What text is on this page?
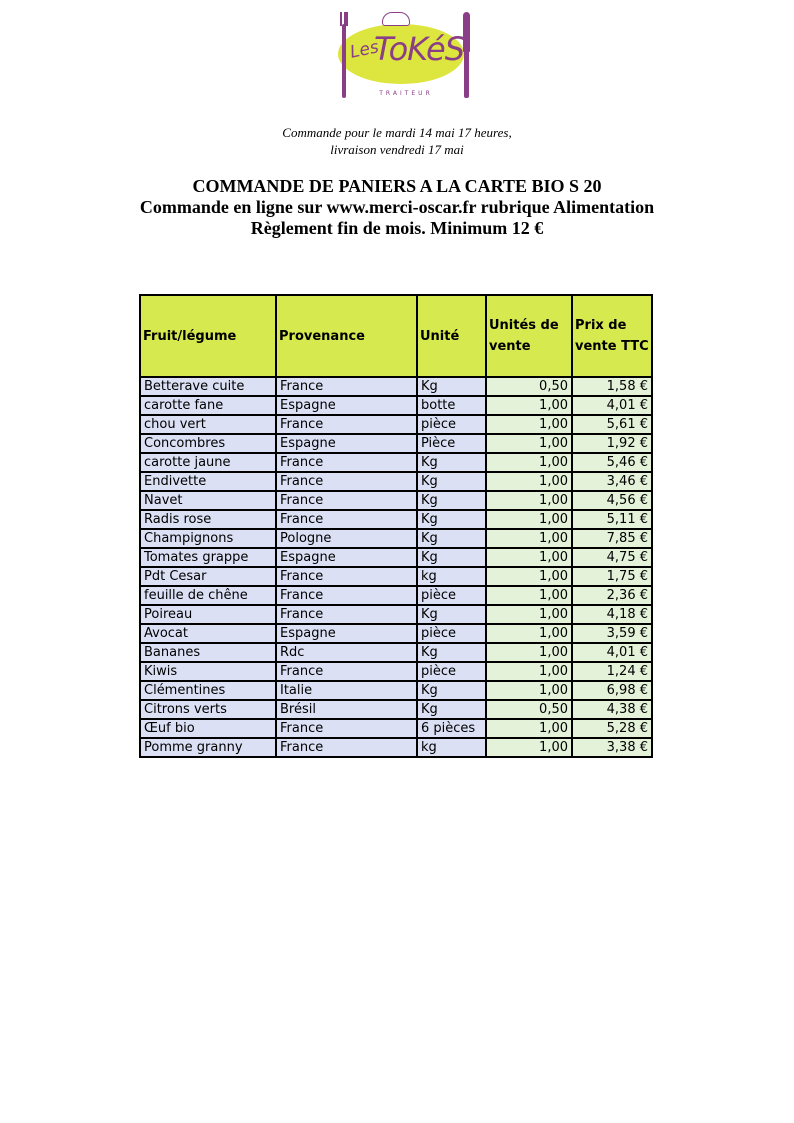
Les
ToKéS
TRAITEUR
Commande pour le mardi 14 mai 17 heures,
livraison vendredi 17 mai
COMMANDE DE PANIERS A LA CARTE BIO S 20
Commande en ligne sur www.merci-oscar.fr rubrique Alimentation
Règlement fin de mois. Minimum 12 €
Fruit/légume	Provenance	Unité	Unités de vente	Prix de vente TTC
Betterave cuite	France	Kg	0,50	1,58 €
carotte fane	Espagne	botte	1,00	4,01 €
chou vert	France	pièce	1,00	5,61 €
Concombres	Espagne	Pièce	1,00	1,92 €
carotte jaune	France	Kg	1,00	5,46 €
Endivette	France	Kg	1,00	3,46 €
Navet	France	Kg	1,00	4,56 €
Radis rose	France	Kg	1,00	5,11 €
Champignons	Pologne	Kg	1,00	7,85 €
Tomates grappe	Espagne	Kg	1,00	4,75 €
Pdt Cesar	France	kg	1,00	1,75 €
feuille de chêne	France	pièce	1,00	2,36 €
Poireau	France	Kg	1,00	4,18 €
Avocat	Espagne	pièce	1,00	3,59 €
Bananes	Rdc	Kg	1,00	4,01 €
Kiwis	France	pièce	1,00	1,24 €
Clémentines	Italie	Kg	1,00	6,98 €
Citrons verts	Brésil	Kg	0,50	4,38 €
Œuf bio	France	6 pièces	1,00	5,28 €
Pomme granny	France	kg	1,00	3,38 €
